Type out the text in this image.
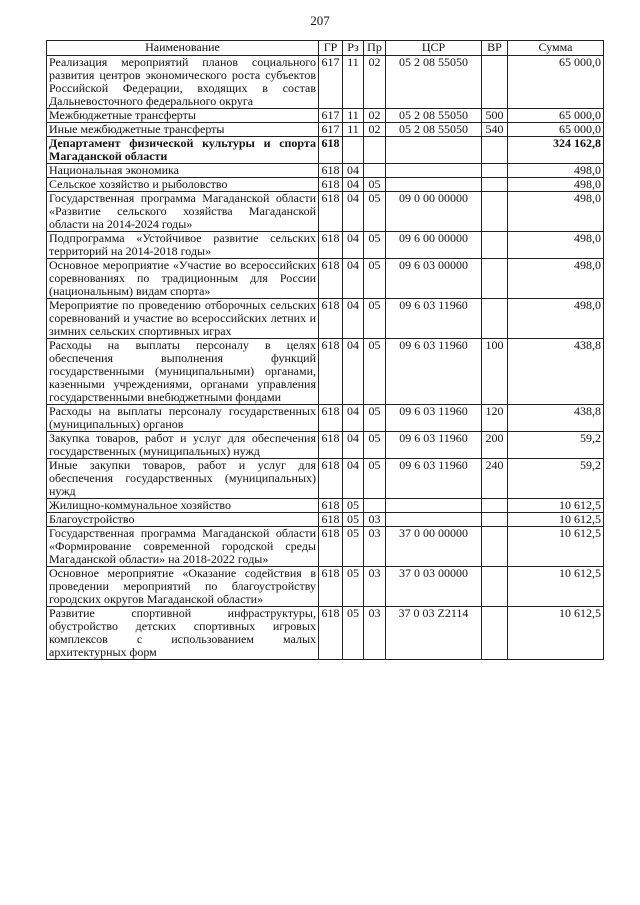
207
Наименование	ГР	Рз	Пр	ЦСР	ВР	Сумма
Реализация мероприятий планов социального развития центров экономического роста субъектов Российской Федерации, входящих в состав Дальневосточного федерального округа	617	11	02	05 2 08 55050		65 000,0
Межбюджетные трансферты	617	11	02	05 2 08 55050	500	65 000,0
Иные межбюджетные трансферты	617	11	02	05 2 08 55050	540	65 000,0
Департамент физической культуры и спорта Магаданской области	618					324 162,8
Национальная экономика	618	04				498,0
Сельское хозяйство и рыболовство	618	04	05			498,0
Государственная программа Магаданской области «Развитие сельского хозяйства Магаданской области на 2014-2024 годы»	618	04	05	09 0 00 00000		498,0
Подпрограмма «Устойчивое развитие сельских территорий на 2014-2018 годы»	618	04	05	09 6 00 00000		498,0
Основное мероприятие «Участие во всероссийских соревнованиях по традиционным для России (национальным) видам спорта»	618	04	05	09 6 03 00000		498,0
Мероприятие по проведению отборочных сельских соревнований и участие во всероссийских летних и зимних сельских спортивных играх	618	04	05	09 6 03 11960		498,0
Расходы на выплаты персоналу в целях обеспечения выполнения функций государственными (муниципальными) органами, казенными учреждениями, органами управления государственными внебюджетными фондами	618	04	05	09 6 03 11960	100	438,8
Расходы на выплаты персоналу государственных (муниципальных) органов	618	04	05	09 6 03 11960	120	438,8
Закупка товаров, работ и услуг для обеспечения государственных (муниципальных) нужд	618	04	05	09 6 03 11960	200	59,2
Иные закупки товаров, работ и услуг для обеспечения государственных (муниципальных) нужд	618	04	05	09 6 03 11960	240	59,2
Жилищно-коммунальное хозяйство	618	05				10 612,5
Благоустройство	618	05	03			10 612,5
Государственная программа Магаданской области «Формирование современной городской среды Магаданской области» на 2018-2022 годы»	618	05	03	37 0 00 00000		10 612,5
Основное мероприятие «Оказание содействия в проведении мероприятий по благоустройству городских округов Магаданской области»	618	05	03	37 0 03 00000		10 612,5
Развитие спортивной инфраструктуры, обустройство детских спортивных игровых комплексов с использованием малых архитектурных форм	618	05	03	37 0 03 Z2114		10 612,5
